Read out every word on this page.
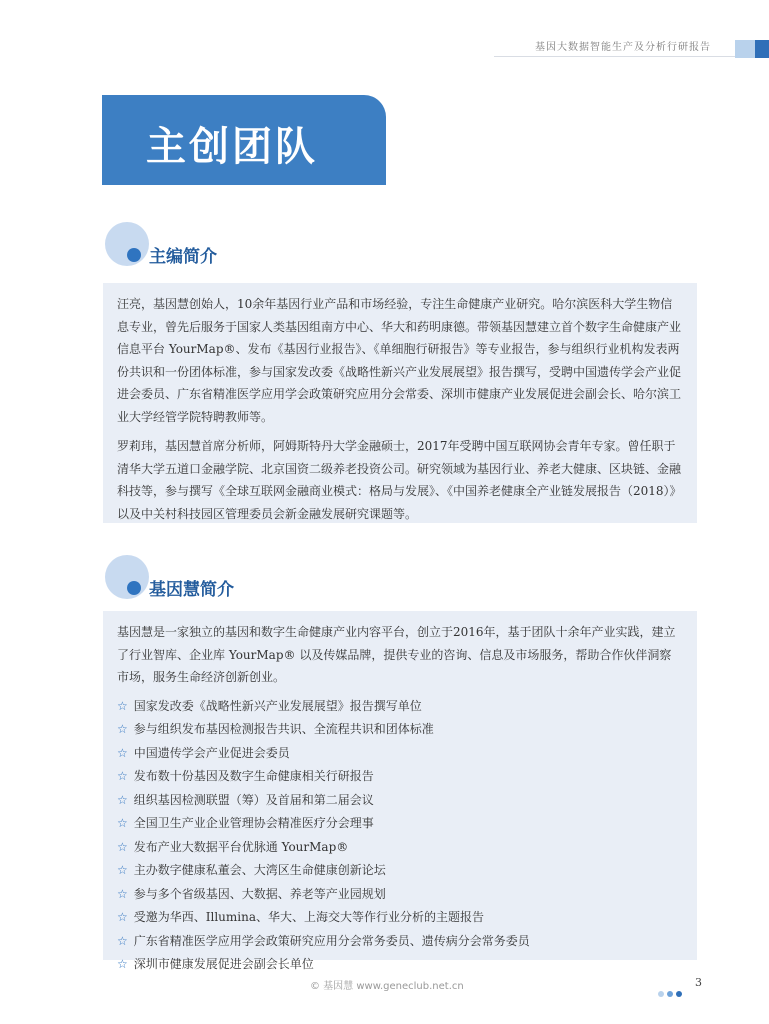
基因大数据智能生产及分析行研报告
主创团队
主编简介

汪亮，基因慧创始人，10余年基因行业产品和市场经验，专注生命健康产业研究。哈尔滨医科大学生物信息专业，曾先后服务于国家人类基因组南方中心、华大和药明康德。带领基因慧建立首个数字生命健康产业信息平台 YourMap®、发布《基因行业报告》、《单细胞行研报告》等专业报告，参与组织行业机构发表两份共识和一份团体标准，参与国家发改委《战略性新兴产业发展展望》报告撰写，受聘中国遗传学会产业促进会委员、广东省精准医学应用学会政策研究应用分会常委、深圳市健康产业发展促进会副会长、哈尔滨工业大学经管学院特聘教师等。

罗莉玮，基因慧首席分析师，阿姆斯特丹大学金融硕士，2017年受聘中国互联网协会青年专家。曾任职于清华大学五道口金融学院、北京国资二级养老投资公司。研究领域为基因行业、养老大健康、区块链、金融科技等，参与撰写《全球互联网金融商业模式：格局与发展》、《中国养老健康全产业链发展报告（2018）》以及中关村科技园区管理委员会新金融发展研究课题等。

基因慧简介

基因慧是一家独立的基因和数字生命健康产业内容平台，创立于2016年，基于团队十余年产业实践，建立了行业智库、企业库 YourMap® 以及传媒品牌，提供专业的咨询、信息及市场服务，帮助合作伙伴洞察市场，服务生命经济创新创业。

☆ 国家发改委《战略性新兴产业发展展望》报告撰写单位
☆ 参与组织发布基因检测报告共识、全流程共识和团体标准
☆ 中国遗传学会产业促进会委员
☆ 发布数十份基因及数字生命健康相关行研报告
☆ 组织基因检测联盟（筹）及首届和第二届会议
☆ 全国卫生产业企业管理协会精准医疗分会理事
☆ 发布产业大数据平台优脉通 YourMap®
☆ 主办数字健康私董会、大湾区生命健康创新论坛
☆ 参与多个省级基因、大数据、养老等产业园规划
☆ 受邀为华西、Illumina、华大、上海交大等作行业分析的主题报告
☆ 广东省精准医学应用学会政策研究应用分会常务委员、遗传病分会常务委员
☆ 深圳市健康发展促进会副会长单位
© 基因慧 www.geneclub.net.cn	3
